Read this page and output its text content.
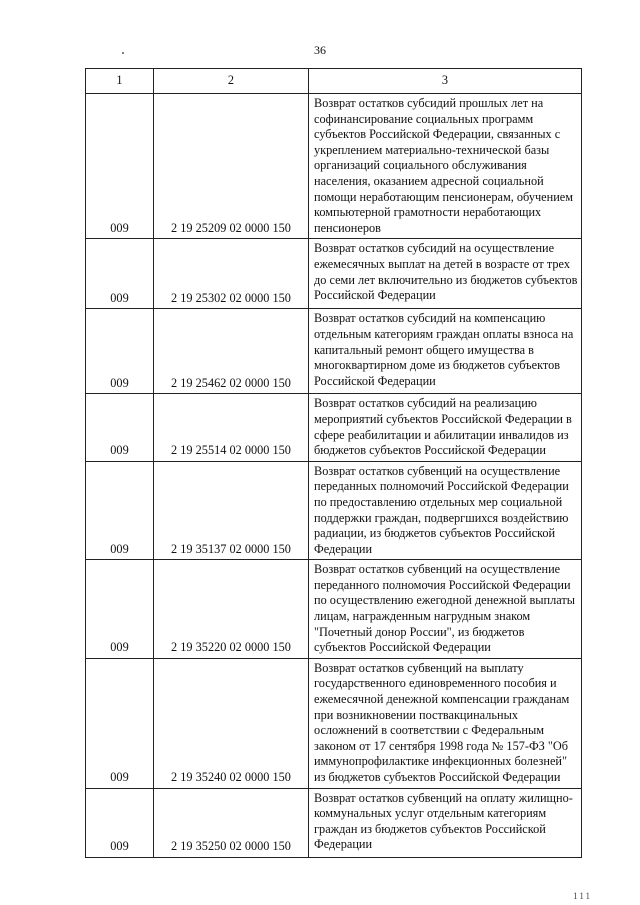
36
1	2	3
009	2 19 25209 02 0000 150	Возврат остатков субсидий прошлых лет на софинансирование социальных программ субъектов Российской Федерации, связанных с укреплением материально-технической базы организаций социального обслуживания населения, оказанием адресной социальной помощи неработающим пенсионерам, обучением компьютерной грамотности неработающих пенсионеров
009	2 19 25302 02 0000 150	Возврат остатков субсидий на осуществление ежемесячных выплат на детей в возрасте от трех до семи лет включительно из бюджетов субъектов Российской Федерации
009	2 19 25462 02 0000 150	Возврат остатков субсидий на компенсацию отдельным категориям граждан оплаты взноса на капитальный ремонт общего имущества в многоквартирном доме из бюджетов субъектов Российской Федерации
009	2 19 25514 02 0000 150	Возврат остатков субсидий на реализацию мероприятий субъектов Российской Федерации в сфере реабилитации и абилитации инвалидов из бюджетов субъектов Российской Федерации
009	2 19 35137 02 0000 150	Возврат остатков субвенций на осуществление переданных полномочий Российской Федерации по предоставлению отдельных мер социальной поддержки граждан, подвергшихся воздействию радиации, из бюджетов субъектов Российской Федерации
009	2 19 35220 02 0000 150	Возврат остатков субвенций на осуществление переданного полномочия Российской Федерации по осуществлению ежегодной денежной выплаты лицам, награжденным нагрудным знаком "Почетный донор России", из бюджетов субъектов Российской Федерации
009	2 19 35240 02 0000 150	Возврат остатков субвенций на выплату государственного единовременного пособия и ежемесячной денежной компенсации гражданам при возникновении поствакцинальных осложнений в соответствии с Федеральным законом от 17 сентября 1998 года № 157-ФЗ "Об иммунопрофилактике инфекционных болезней" из бюджетов субъектов Российской Федерации
009	2 19 35250 02 0000 150	Возврат остатков субвенций на оплату жилищно-коммунальных услуг отдельным категориям граждан из бюджетов субъектов Российской Федерации
111
